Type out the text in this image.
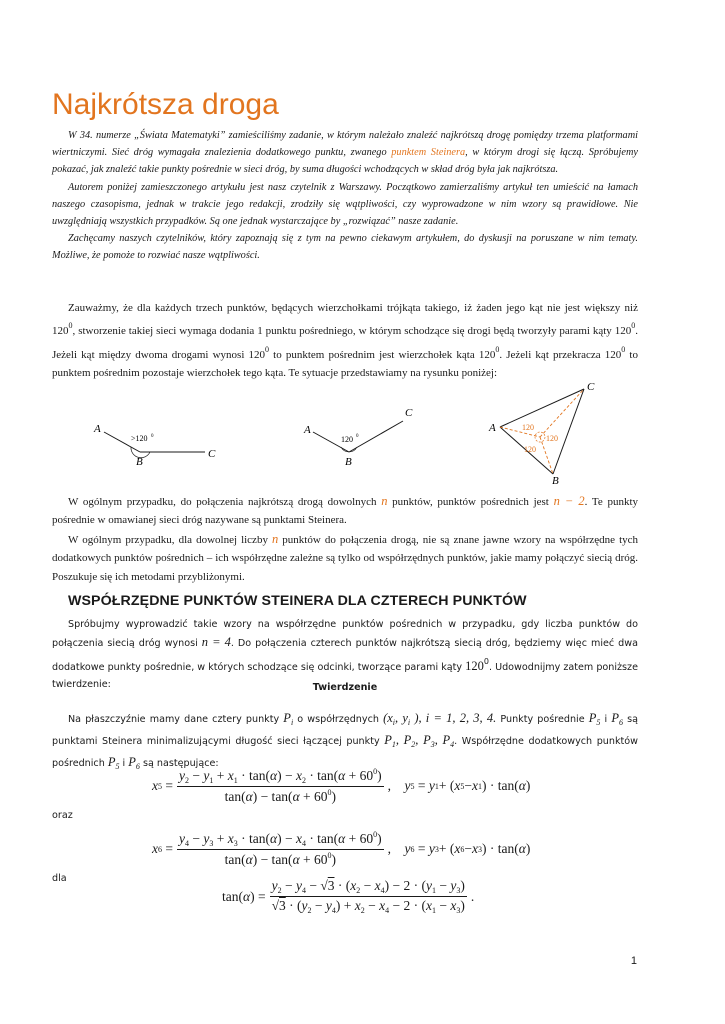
Najkrótsza droga

W 34. numerze „Świata Matematyki” zamieściliśmy zadanie, w którym należało znaleźć najkrótszą drogę pomiędzy trzema platformami wiertniczymi. Sieć dróg wymagała znalezienia dodatkowego punktu, zwanego punktem Steinera, w którym drogi się łączą. Spróbujemy pokazać, jak znaleźć takie punkty pośrednie w sieci dróg, by suma długości wchodzących w skład dróg była jak najkrótsza.

Autorem poniżej zamieszczonego artykułu jest nasz czytelnik z Warszawy. Początkowo zamierzaliśmy artykuł ten umieścić na łamach naszego czasopisma, jednak w trakcie jego redakcji, zrodziły się wątpliwości, czy wyprowadzone w nim wzory są prawidłowe. Nie uwzględniają wszystkich przypadków. Są one jednak wystarczające by „rozwiązać” nasze zadanie.

Zachęcamy naszych czytelników, który zapoznają się z tym na pewno ciekawym artykułem, do dyskusji na poruszane w nim tematy. Możliwe, że pomoże to rozwiać nasze wątpliwości.

Zauważmy, że dla każdych trzech punktów, będących wierzchołkami trójkąta takiego, iż żaden jego kąt nie jest większy niż $120^0$, stworzenie takiej sieci wymaga dodania 1 punktu pośredniego, w którym schodzące się drogi będą tworzyły parami kąty $120^0$. Jeżeli kąt między dwoma drogami wynosi $120^0$ to punktem pośrednim jest wierzchołek kąta $120^0$. Jeżeli kąt przekracza $120^0$ to punktem pośrednim pozostaje wierzchołek tego kąta. Te sytuacje przedstawiamy na rysunku poniżej:

A
B
C
>120 0
A
B
C
120 0
A
B
C
120
120
120

W ogólnym przypadku, do połączenia najkrótszą drogą dowolnych n punktów, punktów pośrednich jest n − 2. Te punkty pośrednie w omawianej sieci dróg nazywane są punktami Steinera.

W ogólnym przypadku, dla dowolnej liczby n punktów do połączenia drogą, nie są znane jawne wzory na współrzędne tych dodatkowych punktów pośrednich – ich współrzędne zależne są tylko od współrzędnych punktów, jakie mamy połączyć siecią dróg. Poszukuje się ich metodami przybliżonymi.

WSPÓŁRZĘDNE PUNKTÓW STEINERA DLA CZTERECH PUNKTÓW

Spróbujmy wyprowadzić takie wzory na współrzędne punktów pośrednich w przypadku, gdy liczba punktów do połączenia siecią dróg wynosi n = 4. Do połączenia czterech punktów najkrótszą siecią dróg, będziemy więc mieć dwa dodatkowe punkty pośrednie, w których schodzące się odcinki, tworzące parami kąty $120^0$. Udowodnijmy zatem poniższe twierdzenie:	Twierdzenie

Na płaszczyźnie mamy dane cztery punkty $P_i$ o współrzędnych ($x_i$, $y_i$ ), i = 1, 2, 3, 4. Punkty pośrednie $P_5$ i $P_6$ są punktami Steinera minimalizującymi długość sieci łączącej punkty $P_1$, $P_2$, $P_3$, $P_4$. Współrzędne dodatkowych punktów pośrednich $P_5$ i $P_6$ są następujące:

x $5 = \frac{y_2 - y_1 + x_1 \cdot \tan(\alpha) - x_2 \cdot \tan(\alpha + 60^0)}{\tan(\alpha) - \tan(\alpha + 60^0)}$ , y 5 = y 1 + ( x 5 − x 1 ) · tan( α )
oraz
x $6 = \frac{y_4 - y_3 + x_3 \cdot \tan(\alpha) - x_4 \cdot \tan(\alpha + 60^0)}{\tan(\alpha) - \tan(\alpha + 60^0)}$ , y 6 = y 3 + ( x 6 − x 3 ) · tan( α )
dla
tan( α ) = $\frac{y_2 - y_4 - √3 \cdot (x_2 - x_4) - 2 \cdot (y_1 - y_3)}{√3 \cdot (y_2 - y_4) + x_2 - x_4 - 2 \cdot (x_1 - x_3)}$ .
1
